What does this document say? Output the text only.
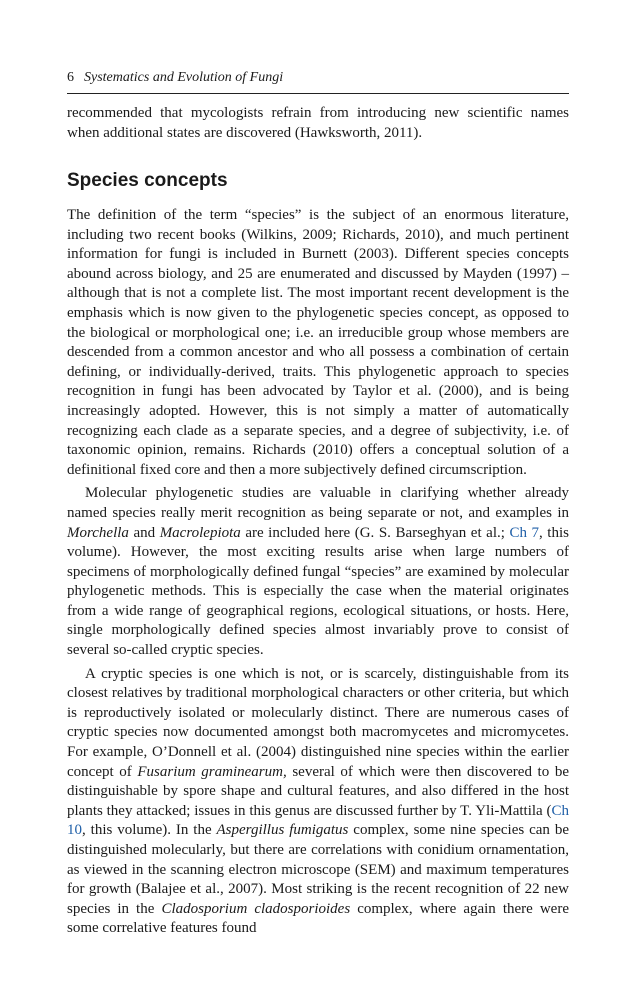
6 Systematics and Evolution of Fungi

recommended that mycologists refrain from introducing new scientific names when additional states are discovered (Hawksworth, 2011).

Species concepts

The definition of the term “species” is the subject of an enormous literature, including two recent books (Wilkins, 2009; Richards, 2010), and much pertinent information for fungi is included in Burnett (2003). Different species concepts abound across biology, and 25 are enumerated and discussed by Mayden (1997) – although that is not a complete list. The most important recent development is the emphasis which is now given to the phylogenetic species concept, as opposed to the biological or morphological one; i.e. an irreducible group whose members are descended from a common ancestor and who all possess a combination of certain defining, or individually-derived, traits. This phylogenetic approach to species recognition in fungi has been advocated by Taylor et al. (2000), and is being increasingly adopted. However, this is not simply a matter of automatically recognizing each clade as a separate species, and a degree of subjectivity, i.e. of taxonomic opinion, remains. Richards (2010) offers a conceptual solution of a definitional fixed core and then a more subjectively defined circumscription.

Molecular phylogenetic studies are valuable in clarifying whether already named species really merit recognition as being separate or not, and examples in Morchella and Macrolepiota are included here (G. S. Barseghyan et al.; Ch 7, this volume). However, the most exciting results arise when large numbers of specimens of morphologically defined fungal “species” are examined by molecular phylogenetic methods. This is especially the case when the material originates from a wide range of geographical regions, ecological situations, or hosts. Here, single morphologically defined species almost invariably prove to consist of several so-called cryptic species.

A cryptic species is one which is not, or is scarcely, distinguishable from its closest relatives by traditional morphological characters or other criteria, but which is reproductively isolated or molecularly distinct. There are numerous cases of cryptic species now documented amongst both macromycetes and micromycetes. For example, O’Donnell et al. (2004) distinguished nine species within the earlier concept of Fusarium graminearum, several of which were then discovered to be distinguishable by spore shape and cultural features, and also differed in the host plants they attacked; issues in this genus are discussed further by T. Yli-Mattila (Ch 10, this volume). In the Aspergillus fumigatus complex, some nine species can be distinguished molecularly, but there are correlations with conidium ornamentation, as viewed in the scanning electron microscope (SEM) and maximum temperatures for growth (Balajee et al., 2007). Most striking is the recent recognition of 22 new species in the Cladosporium cladosporioides complex, where again there were some correlative features found
